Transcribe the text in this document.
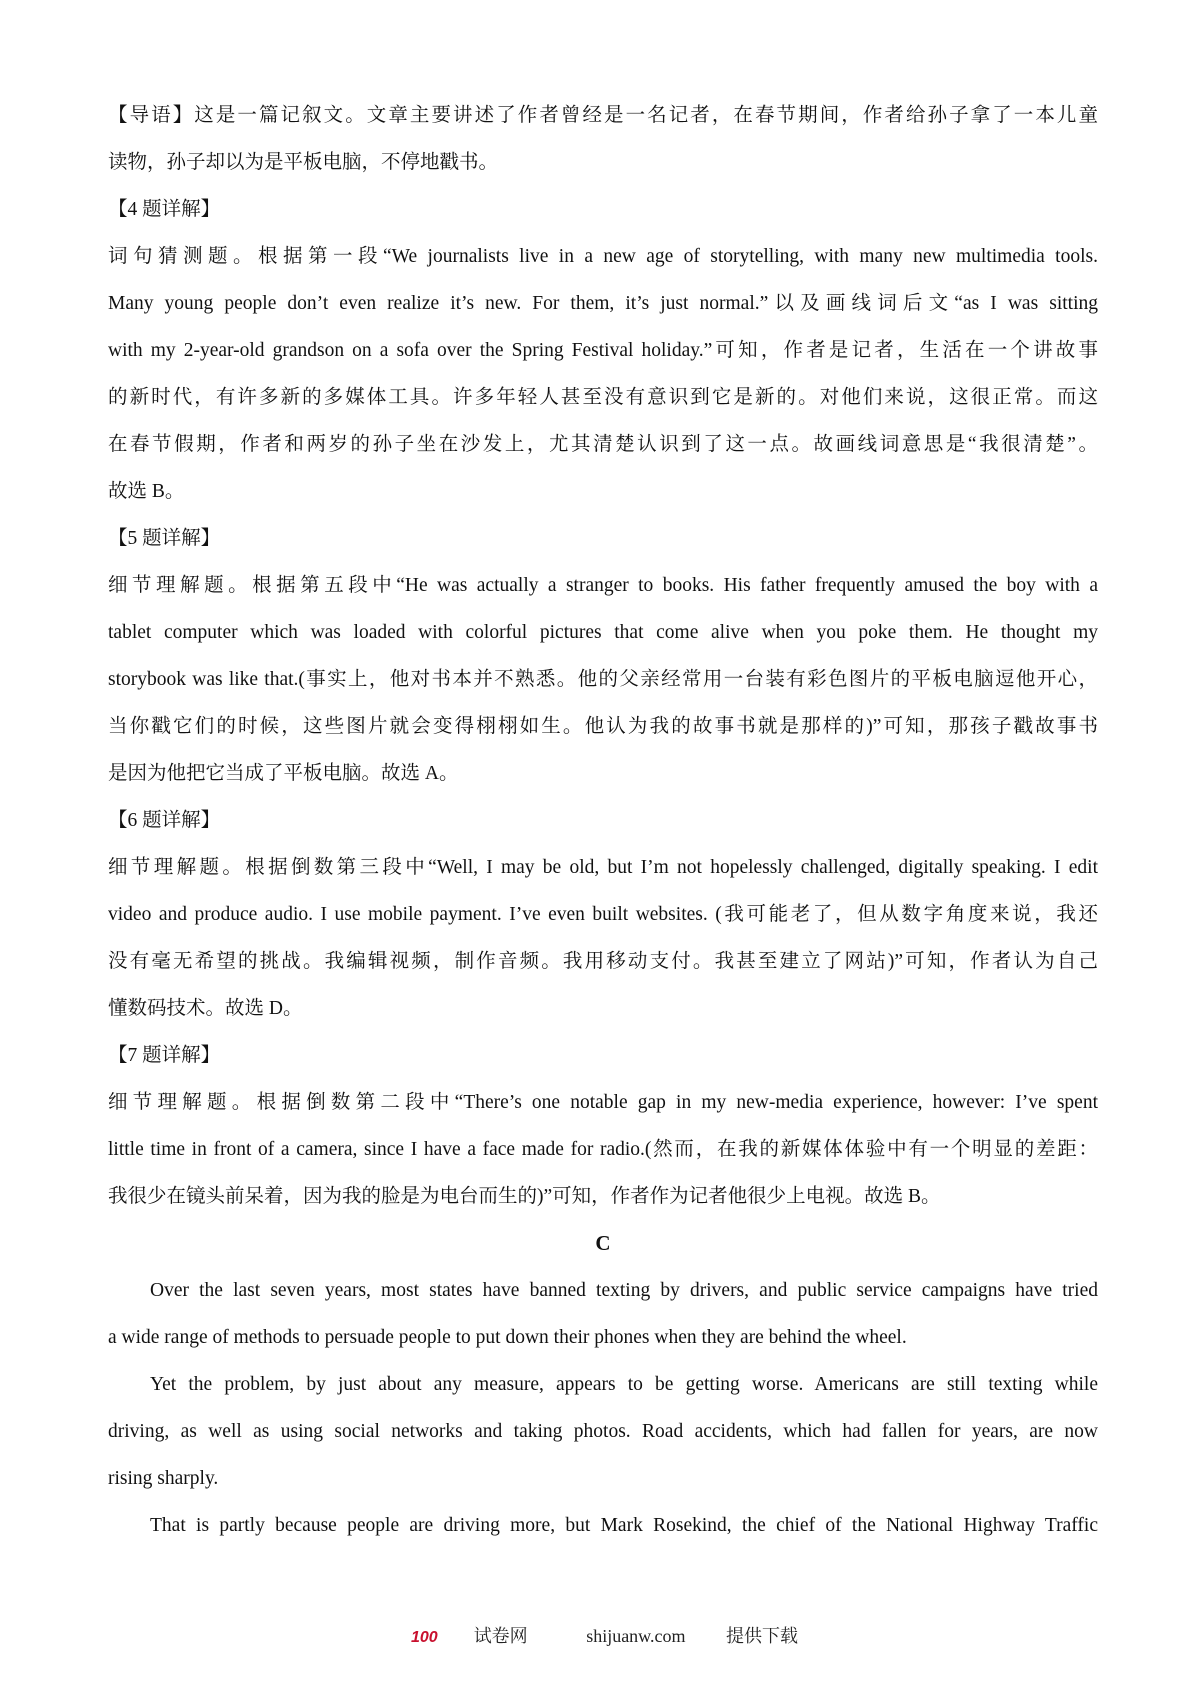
【导语】这是一篇记叙文。文章主要讲述了作者曾经是一名记者，在春节期间，作者给孙子拿了一本儿童
读物，孙子却以为是平板电脑，不停地戳书。
【4 题详解】
词句猜测题。根据第一段“We journalists live in a new age of storytelling, with many new multimedia tools.
Many young people don’t even realize it’s new. For them, it’s just normal.”以及画线词后文“as I was sitting
with my 2-year-old grandson on a sofa over the Spring Festival holiday.”可知，作者是记者，生活在一个讲故事
的新时代，有许多新的多媒体工具。许多年轻人甚至没有意识到它是新的。对他们来说，这很正常。而这
在春节假期，作者和两岁的孙子坐在沙发上，尤其清楚认识到了这一点。故画线词意思是“我很清楚”。
故选 B。
【5 题详解】
细节理解题。根据第五段中“He was actually a stranger to books. His father frequently amused the boy with a
tablet computer which was loaded with colorful pictures that come alive when you poke them. He thought my
storybook was like that.(事实上，他对书本并不熟悉。他的父亲经常用一台装有彩色图片的平板电脑逗他开心，
当你戳它们的时候，这些图片就会变得栩栩如生。他认为我的故事书就是那样的)”可知，那孩子戳故事书
是因为他把它当成了平板电脑。故选 A。
【6 题详解】
细节理解题。根据倒数第三段中“Well, I may be old, but I’m not hopelessly challenged, digitally speaking. I edit
video and produce audio. I use mobile payment. I’ve even built websites. (我可能老了，但从数字角度来说，我还
没有毫无希望的挑战。我编辑视频，制作音频。我用移动支付。我甚至建立了网站)”可知，作者认为自己
懂数码技术。故选 D。
【7 题详解】
细节理解题。根据倒数第二段中“There’s one notable gap in my new-media experience, however: I’ve spent
little time in front of a camera, since I have a face made for radio.(然而，在我的新媒体体验中有一个明显的差距：
我很少在镜头前呆着，因为我的脸是为电台而生的)”可知，作者作为记者他很少上电视。故选 B。
C
Over the last seven years, most states have banned texting by drivers, and public service campaigns have tried
a wide range of methods to persuade people to put down their phones when they are behind the wheel.
Yet the problem, by just about any measure, appears to be getting worse. Americans are still texting while
driving, as well as using social networks and taking photos. Road accidents, which had fallen for years, are now
rising sharply.
That is partly because people are driving more, but Mark Rosekind, the chief of the National Highway Traffic
100 试卷网	shijuanw.com 提供下载
